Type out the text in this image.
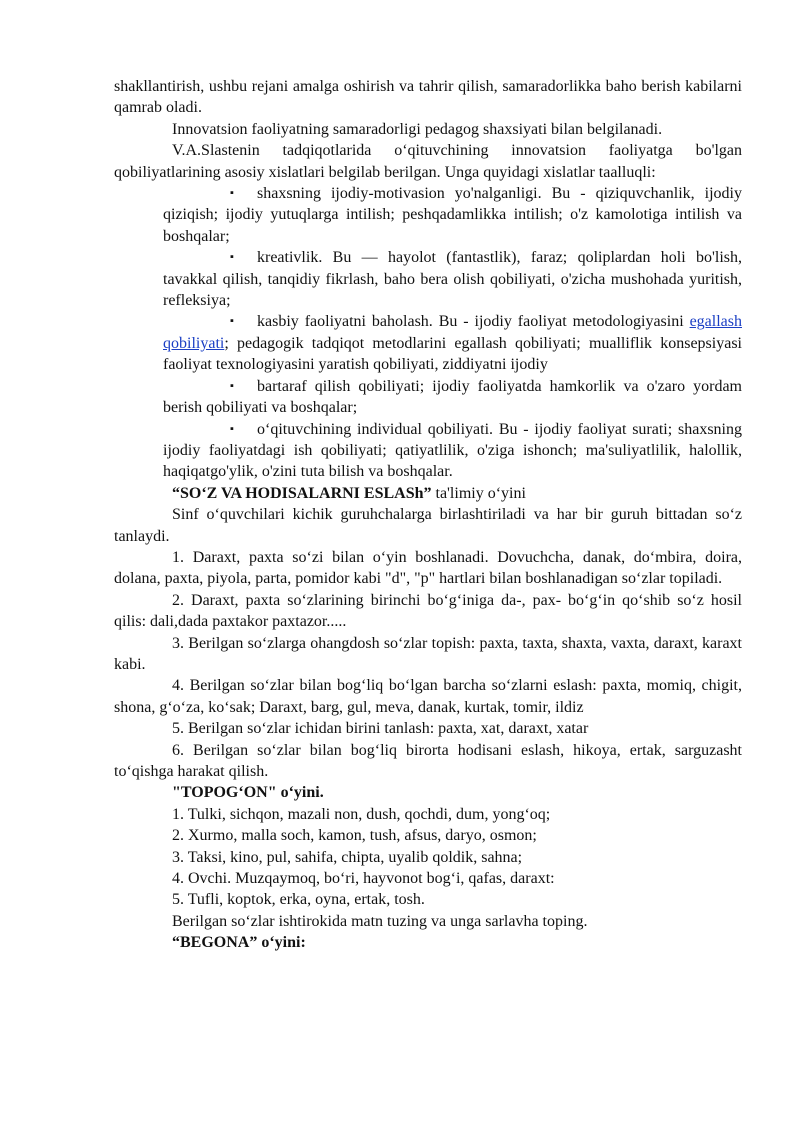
shakllantirish, ushbu rejani amalga oshirish va tahrir qilish, samaradorlikka baho berish kabilarni qamrab oladi.

Innovatsion faoliyatning samaradorligi pedagog shaxsiyati bilan belgilanadi.

V.A.Slastenin tadqiqotlarida o‘qituvchining innovatsion faoliyatga bo'lgan qobiliyatlarining asosiy xislatlari belgilab berilgan. Unga quyidagi xislatlar taalluqli:

▪ shaxsning ijodiy-motivasion yo'nalganligi. Bu - qiziquvchanlik, ijodiy qiziqish; ijodiy yutuqlarga intilish; peshqadamlikka intilish; o'z kamolotiga intilish va boshqalar;

▪ kreativlik. Bu — hayolot (fantastlik), faraz; qoliplardan holi bo'lish, tavakkal qilish, tanqidiy fikrlash, baho bera olish qobiliyati, o'zicha mushohada yuritish, refleksiya;

▪ kasbiy faoliyatni baholash. Bu - ijodiy faoliyat metodologiyasini egallash qobiliyati; pedagogik tadqiqot metodlarini egallash qobiliyati; mualliflik konsepsiyasi faoliyat texnologiyasini yaratish qobiliyati, ziddiyatni ijodiy

▪ bartaraf qilish qobiliyati; ijodiy faoliyatda hamkorlik va o'zaro yordam berish qobiliyati va boshqalar;

▪ o‘qituvchining individual qobiliyati. Bu - ijodiy faoliyat surati; shaxsning ijodiy faoliyatdagi ish qobiliyati; qatiyatlilik, o'ziga ishonch; ma'suliyatlilik, halollik, haqiqatgo'ylik, o'zini tuta bilish va boshqalar.

“SO‘Z VA HODISALARNI ESLASh” ta'limiy o‘yini

Sinf o‘quvchilari kichik guruhchalarga birlashtiriladi va har bir guruh bittadan so‘z tanlaydi.

1. Daraxt, paxta so‘zi bilan o‘yin boshlanadi. Dovuchcha, danak, do‘mbira, doira, dolana, paxta, piyola, parta, pomidor kabi "d", "p" hartlari bilan boshlanadigan so‘zlar topiladi.

2. Daraxt, paxta so‘zlarining birinchi bo‘g‘iniga da-, pax- bo‘g‘in qo‘shib so‘z hosil qilis: dali,dada paxtakor paxtazor.....

3. Berilgan so‘zlarga ohangdosh so‘zlar topish: paxta, taxta, shaxta, vaxta, daraxt, karaxt kabi.

4. Berilgan so‘zlar bilan bog‘liq bo‘lgan barcha so‘zlarni eslash: paxta, momiq, chigit, shona, g‘o‘za, ko‘sak; Daraxt, barg, gul, meva, danak, kurtak, tomir, ildiz

5. Berilgan so‘zlar ichidan birini tanlash: paxta, xat, daraxt, xatar

6. Berilgan so‘zlar bilan bog‘liq birorta hodisani eslash, hikoya, ertak, sarguzasht to‘qishga harakat qilish.

"TOPOG‘ON" o‘yini.

1. Tulki, sichqon, mazali non, dush, qochdi, dum, yong‘oq;

2. Xurmo, malla soch, kamon, tush, afsus, daryo, osmon;

3. Taksi, kino, pul, sahifa, chipta, uyalib qoldik, sahna;

4. Ovchi. Muzqaymoq, bo‘ri, hayvonot bog‘i, qafas, daraxt:

5. Tufli, koptok, erka, oyna, ertak, tosh.

Berilgan so‘zlar ishtirokida matn tuzing va unga sarlavha toping.

“BEGONA” o‘yini:
